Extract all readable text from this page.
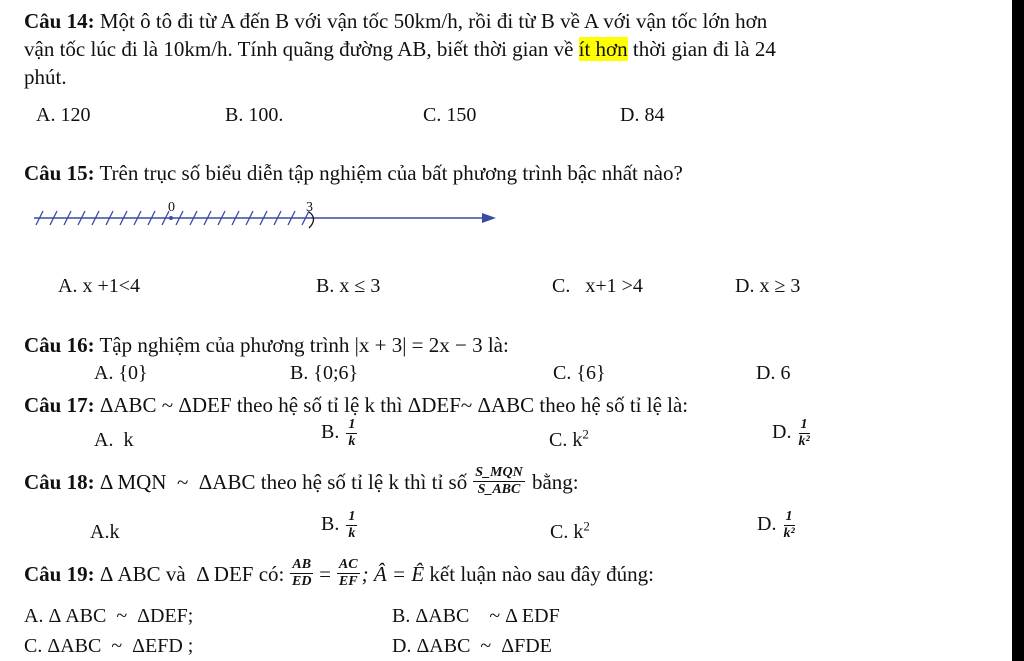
Câu 14: Một ô tô đi từ A đến B với vận tốc 50km/h, rồi đi từ B về A với vận tốc lớn hơn
vận tốc lúc đi là 10km/h. Tính quãng đường AB, biết thời gian về ít hơn thời gian đi là 24
phút.
A. 120	B. 100.	C. 150	D. 84
Câu 15: Trên trục số biểu diễn tập nghiệm của bất phương trình bậc nhất nào?
0	3
A. x +1<4	B. x ≤ 3	C.   x+1 >4	D. x ≥ 3
Câu 16: Tập nghiệm của phương trình |x + 3| = 2x − 3 là:
A. {0}	B. {0;6}	C. {6}	D. 6
Câu 17: ΔABC ~ ΔDEF theo hệ số tỉ lệ k thì ΔDEF~ ΔABC theo hệ số tỉ lệ là:
A.  k	B. $\frac{1}{k}$	C. $k^2$	D. $\frac{1}{\text{k²}}$
Câu 18:
Δ MQN  ~  ΔABC theo hệ số tỉ lệ k thì tỉ số $\frac{\text{S\_MQN}}{\text{S\_ABC}}$
bằng:
A.k	B. $\frac{1}{k}$	C. $k^2$	D. $\frac{1}{\text{k²}}$
Câu 19:
Δ ABC và  Δ DEF có: $\frac{AB}{ED} = \frac{AC}{EF}$ ; Â = Ê
kết luận nào sau đây đúng:
A. Δ ABC  ~  ΔDEF;	B. ΔABC    ~ Δ EDF
C. ΔABC  ~  ΔEFD ;	D. ΔABC  ~  ΔFDE
